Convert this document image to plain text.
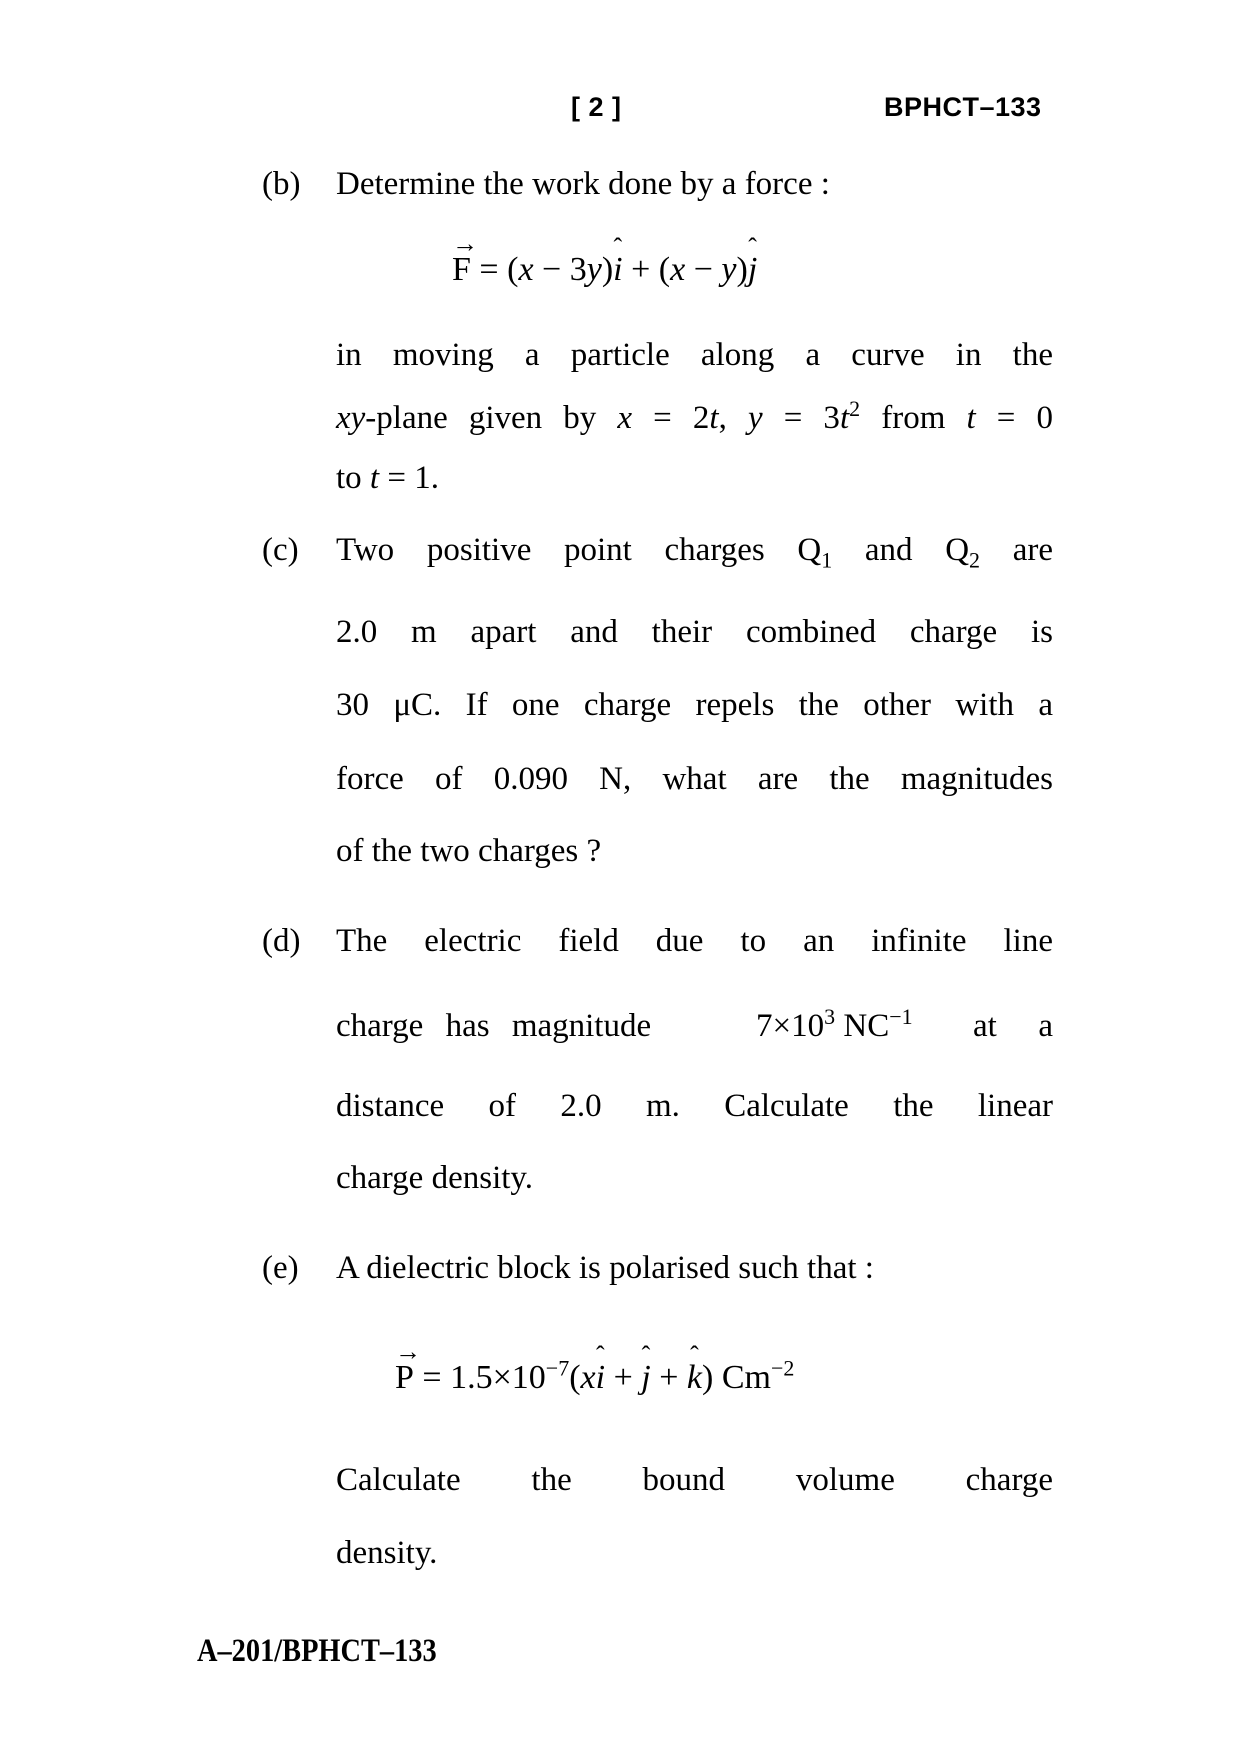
[ 2 ]	BPHCT–133
(b) Determine the work done by a force :
→ F = (x − 3y)ˆ i + (x − y)ˆ j
in moving a particle along a curve in the
xy-plane given by x = 2t, $y = 3t^2$ from t = 0
to t = 1.
(c) Two positive point charges $Q_1$ and $Q_2$ are
2.0 m apart and their combined charge is
30 μC. If one charge repels the other with a
force of 0.090 N, what are the magnitudes
of the two charges ?
(d) The electric field due to an infinite line
charge has magnitude	$7\times 10^3$ $NC^{-1}$ at a
distance of 2.0 m. Calculate the linear
charge density.
(e) A dielectric block is polarised such that :
→ $P = 1.5\times 10^{-7}(xˆ$ i + ˆ j + ˆ k) $Cm^{-2}$
Calculate the bound volume charge
density.
A–201/BPHCT–133
